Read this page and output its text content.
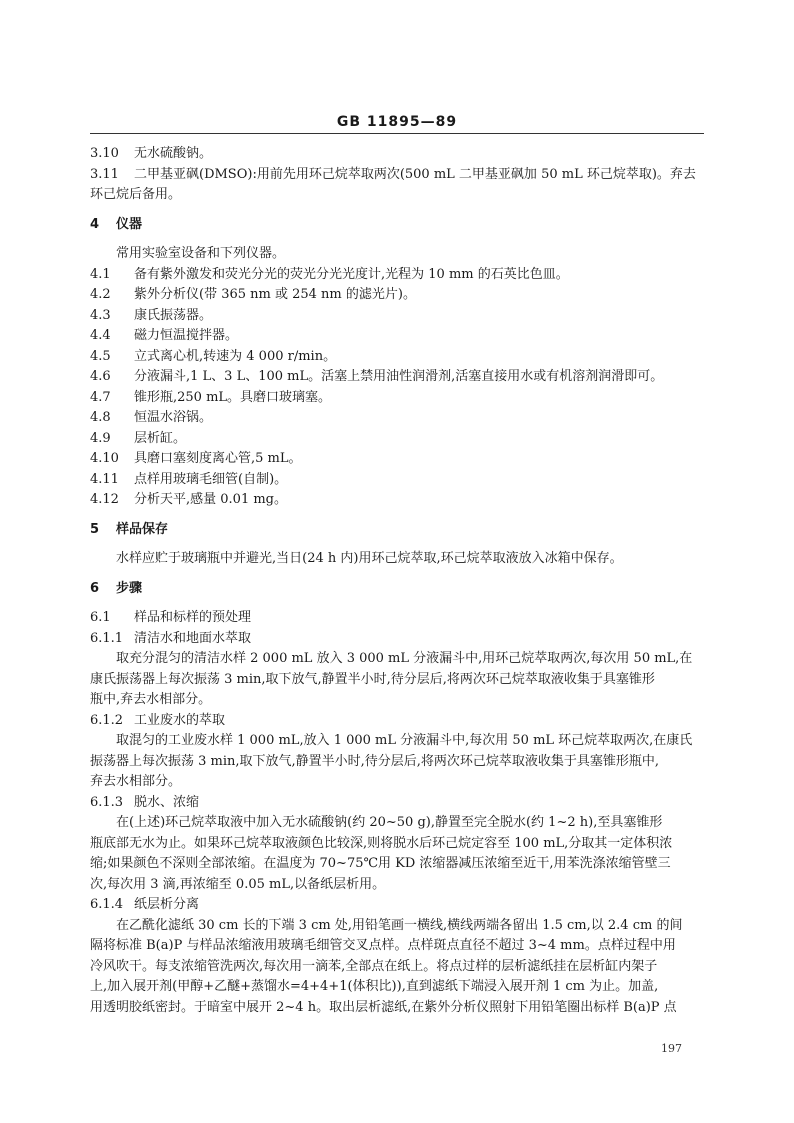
GB 11895—89
3.10 无水硫酸钠。
3.11 二甲基亚砜(DMSO):用前先用环己烷萃取两次(500 mL 二甲基亚砜加 50 mL 环己烷萃取)。弃去
环己烷后备用。
4 仪器
常用实验室设备和下列仪器。
4.1 备有紫外激发和荧光分光的荧光分光光度计,光程为 10 mm 的石英比色皿。
4.2 紫外分析仪(带 365 nm 或 254 nm 的滤光片)。
4.3 康氏振荡器。
4.4 磁力恒温搅拌器。
4.5 立式离心机,转速为 4 000 r/min。
4.6 分液漏斗,1 L、3 L、100 mL。活塞上禁用油性润滑剂,活塞直接用水或有机溶剂润滑即可。
4.7 锥形瓶,250 mL。具磨口玻璃塞。
4.8 恒温水浴锅。
4.9 层析缸。
4.10 具磨口塞刻度离心管,5 mL。
4.11 点样用玻璃毛细管(自制)。
4.12 分析天平,感量 0.01 mg。
5 样品保存
水样应贮于玻璃瓶中并避光,当日(24 h 内)用环己烷萃取,环己烷萃取液放入冰箱中保存。
6 步骤
6.1 样品和标样的预处理
6.1.1 清洁水和地面水萃取
取充分混匀的清洁水样 2 000 mL 放入 3 000 mL 分液漏斗中,用环己烷萃取两次,每次用 50 mL,在
康氏振荡器上每次振荡 3 min,取下放气,静置半小时,待分层后,将两次环己烷萃取液收集于具塞锥形
瓶中,弃去水相部分。
6.1.2 工业废水的萃取
取混匀的工业废水样 1 000 mL,放入 1 000 mL 分液漏斗中,每次用 50 mL 环己烷萃取两次,在康氏
振荡器上每次振荡 3 min,取下放气,静置半小时,待分层后,将两次环己烷萃取液收集于具塞锥形瓶中,
弃去水相部分。
6.1.3 脱水、浓缩
在(上述)环己烷萃取液中加入无水硫酸钠(约 20~50 g),静置至完全脱水(约 1~2 h),至具塞锥形
瓶底部无水为止。如果环己烷萃取液颜色比较深,则将脱水后环己烷定容至 100 mL,分取其一定体积浓
缩;如果颜色不深则全部浓缩。在温度为 70~75℃用 KD 浓缩器减压浓缩至近干,用苯洗涤浓缩管壁三
次,每次用 3 滴,再浓缩至 0.05 mL,以备纸层析用。
6.1.4 纸层析分离
在乙酰化滤纸 30 cm 长的下端 3 cm 处,用铅笔画一横线,横线两端各留出 1.5 cm,以 2.4 cm 的间
隔将标准 B(a)P 与样品浓缩液用玻璃毛细管交叉点样。点样斑点直径不超过 3~4 mm。点样过程中用
冷风吹干。每支浓缩管洗两次,每次用一滴苯,全部点在纸上。将点过样的层析滤纸挂在层析缸内架子
上,加入展开剂(甲醇+乙醚+蒸馏水=4+4+1(体积比)),直到滤纸下端浸入展开剂 1 cm 为止。加盖,
用透明胶纸密封。于暗室中展开 2~4 h。取出层析滤纸,在紫外分析仪照射下用铅笔圈出标样 B(a)P 点
197
